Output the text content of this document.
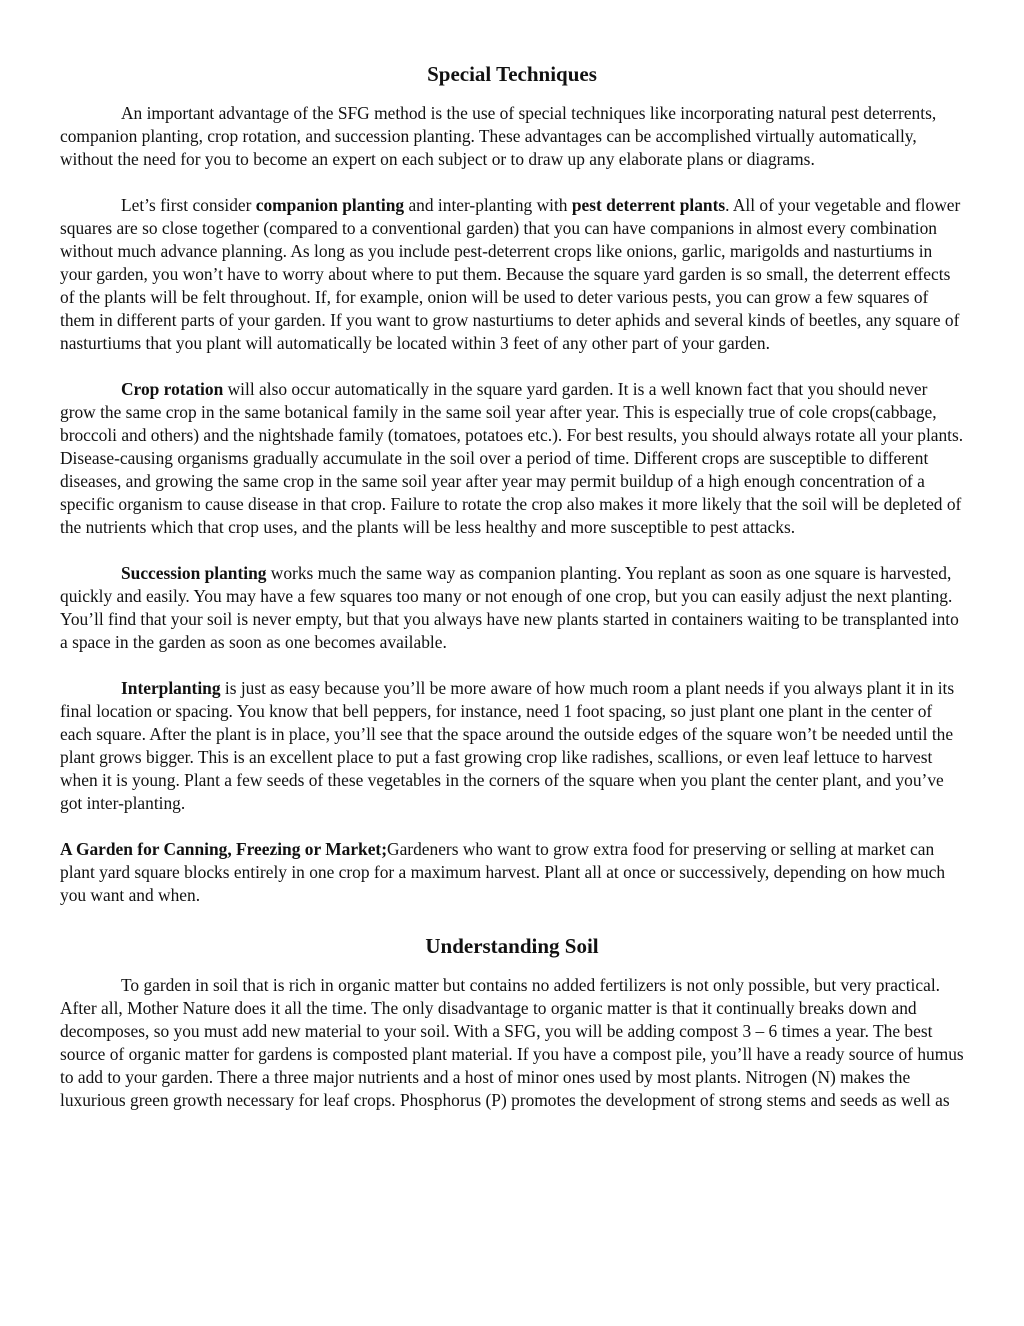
Special Techniques

An important advantage of the SFG method is the use of special techniques like incorporating natural pest deterrents, companion planting, crop rotation, and succession planting. These advantages can be accomplished virtually automatically, without the need for you to become an expert on each subject or to draw up any elaborate plans or diagrams.

Let’s first consider companion planting and inter-planting with pest deterrent plants. All of your vegetable and flower squares are so close together (compared to a conventional garden) that you can have companions in almost every combination without much advance planning. As long as you include pest-deterrent crops like onions, garlic, marigolds and nasturtiums in your garden, you won’t have to worry about where to put them. Because the square yard garden is so small, the deterrent effects of the plants will be felt throughout. If, for example, onion will be used to deter various pests, you can grow a few squares of them in different parts of your garden. If you want to grow nasturtiums to deter aphids and several kinds of beetles, any square of nasturtiums that you plant will automatically be located within 3 feet of any other part of your garden.

Crop rotation will also occur automatically in the square yard garden. It is a well known fact that you should never grow the same crop in the same botanical family in the same soil year after year. This is especially true of cole crops(cabbage, broccoli and others) and the nightshade family (tomatoes, potatoes etc.). For best results, you should always rotate all your plants. Disease-causing organisms gradually accumulate in the soil over a period of time. Different crops are susceptible to different diseases, and growing the same crop in the same soil year after year may permit buildup of a high enough concentration of a specific organism to cause disease in that crop. Failure to rotate the crop also makes it more likely that the soil will be depleted of the nutrients which that crop uses, and the plants will be less healthy and more susceptible to pest attacks.

Succession planting works much the same way as companion planting. You replant as soon as one square is harvested, quickly and easily. You may have a few squares too many or not enough of one crop, but you can easily adjust the next planting. You’ll find that your soil is never empty, but that you always have new plants started in containers waiting to be transplanted into a space in the garden as soon as one becomes available.

Interplanting is just as easy because you’ll be more aware of how much room a plant needs if you always plant it in its final location or spacing. You know that bell peppers, for instance, need 1 foot spacing, so just plant one plant in the center of each square. After the plant is in place, you’ll see that the space around the outside edges of the square won’t be needed until the plant grows bigger. This is an excellent place to put a fast growing crop like radishes, scallions, or even leaf lettuce to harvest when it is young. Plant a few seeds of these vegetables in the corners of the square when you plant the center plant, and you’ve got inter-planting.

A Garden for Canning, Freezing or Market;Gardeners who want to grow extra food for preserving or selling at market can plant yard square blocks entirely in one crop for a maximum harvest. Plant all at once or successively, depending on how much you want and when.

Understanding Soil

To garden in soil that is rich in organic matter but contains no added fertilizers is not only possible, but very practical. After all, Mother Nature does it all the time. The only disadvantage to organic matter is that it continually breaks down and decomposes, so you must add new material to your soil. With a SFG, you will be adding compost 3 – 6 times a year. The best source of organic matter for gardens is composted plant material. If you have a compost pile, you’ll have a ready source of humus to add to your garden. There a three major nutrients and a host of minor ones used by most plants. Nitrogen (N) makes the luxurious green growth necessary for leaf crops. Phosphorus (P) promotes the development of strong stems and seeds as well as
